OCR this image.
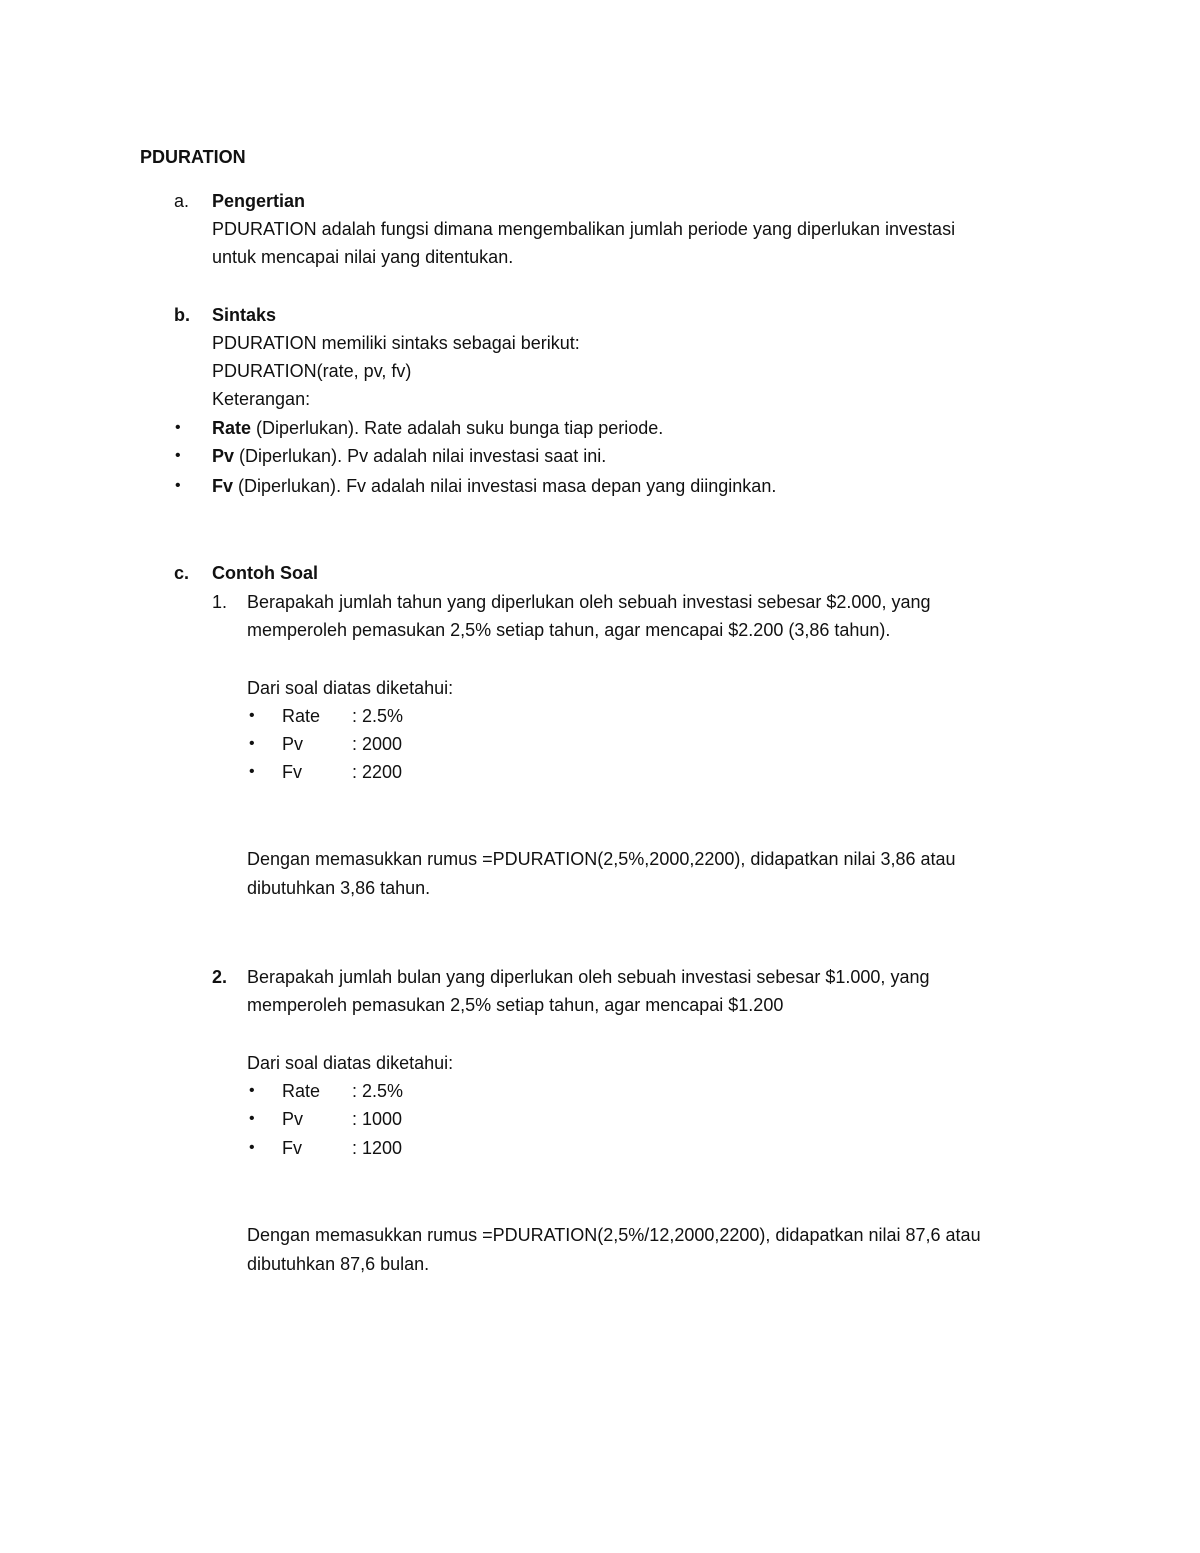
PDURATION
a. Pengertian
PDURATION adalah fungsi dimana mengembalikan jumlah periode yang diperlukan investasi
untuk mencapai nilai yang ditentukan.
b. Sintaks
PDURATION memiliki sintaks sebagai berikut:
PDURATION(rate, pv, fv)
Keterangan:
• Rate (Diperlukan). Rate adalah suku bunga tiap periode.
• Pv (Diperlukan). Pv adalah nilai investasi saat ini.
• Fv (Diperlukan). Fv adalah nilai investasi masa depan yang diinginkan.
c. Contoh Soal
1. Berapakah jumlah tahun yang diperlukan oleh sebuah investasi sebesar $2.000, yang
memperoleh pemasukan 2,5% setiap tahun, agar mencapai $2.200 (3,86 tahun).
Dari soal diatas diketahui:
• Rate : 2.5%
• Pv	: 2000
• Fv	: 2200
Dengan memasukkan rumus =PDURATION(2,5%,2000,2200), didapatkan nilai 3,86 atau
dibutuhkan 3,86 tahun.
2. Berapakah jumlah bulan yang diperlukan oleh sebuah investasi sebesar $1.000, yang
memperoleh pemasukan 2,5% setiap tahun, agar mencapai $1.200
Dari soal diatas diketahui:
• Rate : 2.5%
• Pv	: 1000
• Fv	: 1200
Dengan memasukkan rumus =PDURATION(2,5%/12,2000,2200), didapatkan nilai 87,6 atau
dibutuhkan 87,6 bulan.
